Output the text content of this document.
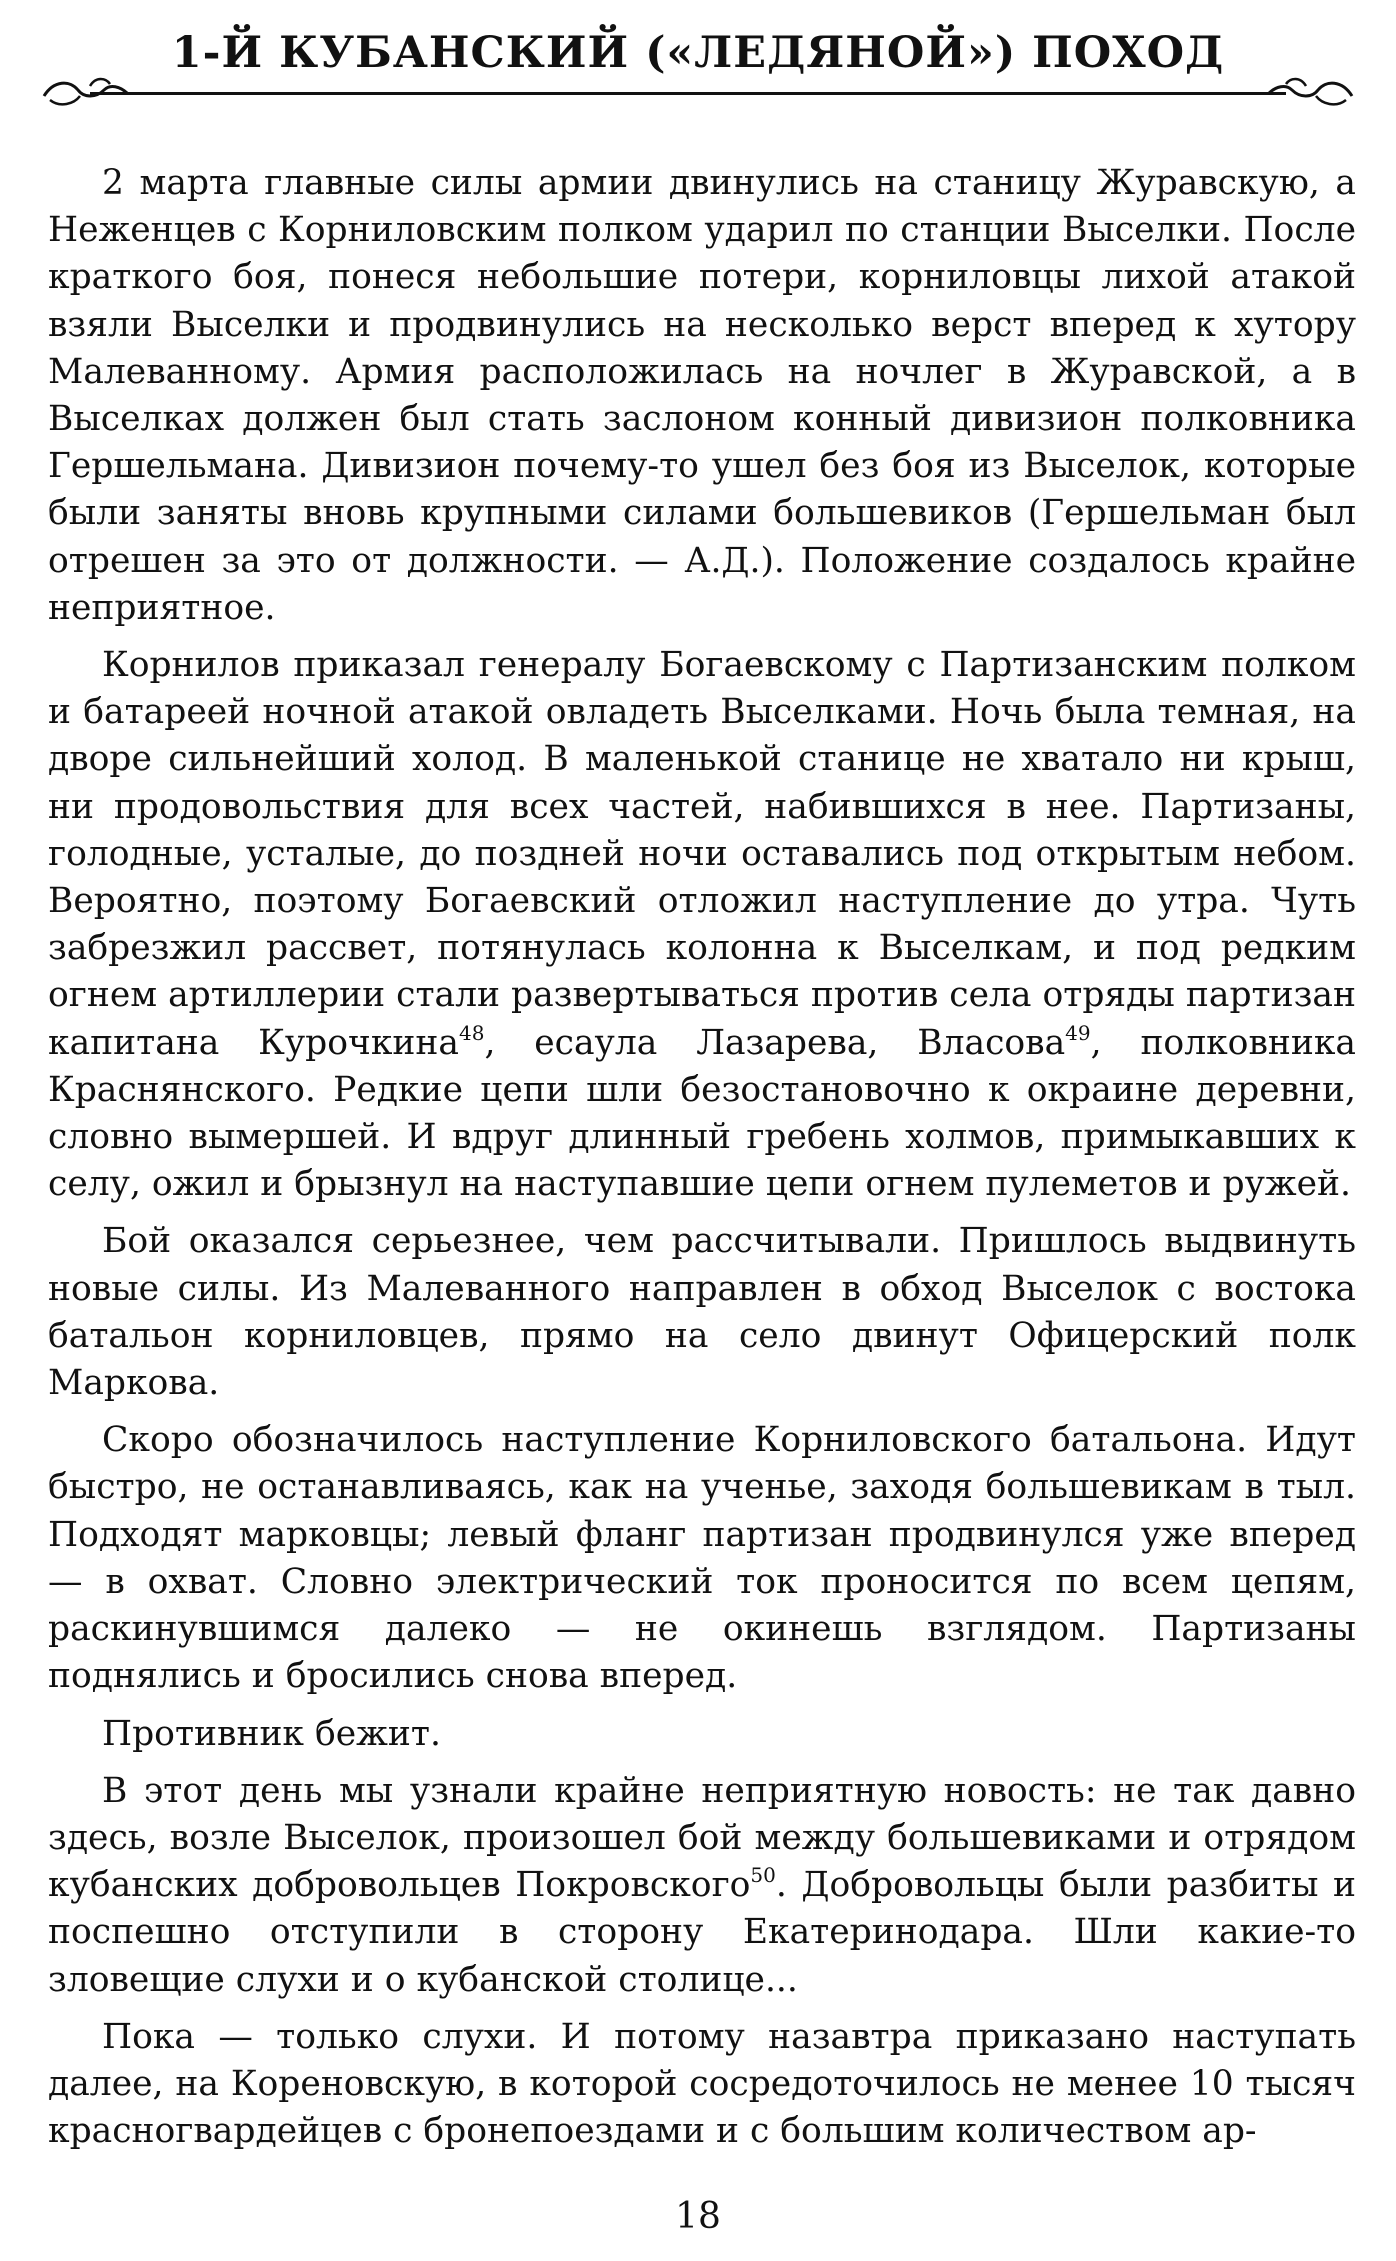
1-Й КУБАНСКИЙ («ЛЕДЯНОЙ») ПОХОД

2 марта главные силы армии двинулись на станицу Журавскую, а Неженцев с Корниловским полком ударил по станции Выселки. После краткого боя, понеся небольшие потери, корниловцы лихой атакой взяли Выселки и продвинулись на несколько верст вперед к хутору Малеванному. Армия расположилась на ночлег в Журавской, а в Выселках должен был стать заслоном конный дивизион полковника Гершельмана. Дивизион почему-то ушел без боя из Выселок, которые были заняты вновь крупными силами большевиков (Гершельман был отрешен за это от должности. — А.Д.). Положение создалось крайне неприятное.

Корнилов приказал генералу Богаевскому с Партизанским полком и батареей ночной атакой овладеть Выселками. Ночь была темная, на дворе сильнейший холод. В маленькой станице не хватало ни крыш, ни продовольствия для всех частей, набившихся в нее. Партизаны, голодные, усталые, до поздней ночи оставались под открытым небом. Вероятно, поэтому Богаевский отложил наступление до утра. Чуть забрезжил рассвет, потянулась колонна к Выселкам, и под редким огнем артиллерии стали развертываться против села отряды партизан капитана Курочкина$^{48}$, есаула Лазарева, Власова$^{49}$, полковника Краснянского. Редкие цепи шли безостановочно к окраине деревни, словно вымершей. И вдруг длинный гребень холмов, примыкавших к селу, ожил и брызнул на наступавшие цепи огнем пулеметов и ружей.

Бой оказался серьезнее, чем рассчитывали. Пришлось выдвинуть новые силы. Из Малеванного направлен в обход Выселок с востока батальон корниловцев, прямо на село двинут Офицерский полк Маркова.

Скоро обозначилось наступление Корниловского батальона. Идут быстро, не останавливаясь, как на ученье, заходя большевикам в тыл. Подходят марковцы; левый фланг партизан продвинулся уже вперед — в охват. Словно электрический ток проносится по всем цепям, раскинувшимся далеко — не окинешь взглядом. Партизаны поднялись и бросились снова вперед.

Противник бежит.

В этот день мы узнали крайне неприятную новость: не так давно здесь, возле Выселок, произошел бой между большевиками и отрядом кубанских добровольцев Покровского$^{50}$. Добровольцы были разбиты и поспешно отступили в сторону Екатеринодара. Шли какие-то зловещие слухи и о кубанской столице...

Пока — только слухи. И потому назавтра приказано наступать далее, на Кореновскую, в которой сосредоточилось не менее 10 тысяч красногвардейцев с бронепоездами и с большим количеством ар-

18
